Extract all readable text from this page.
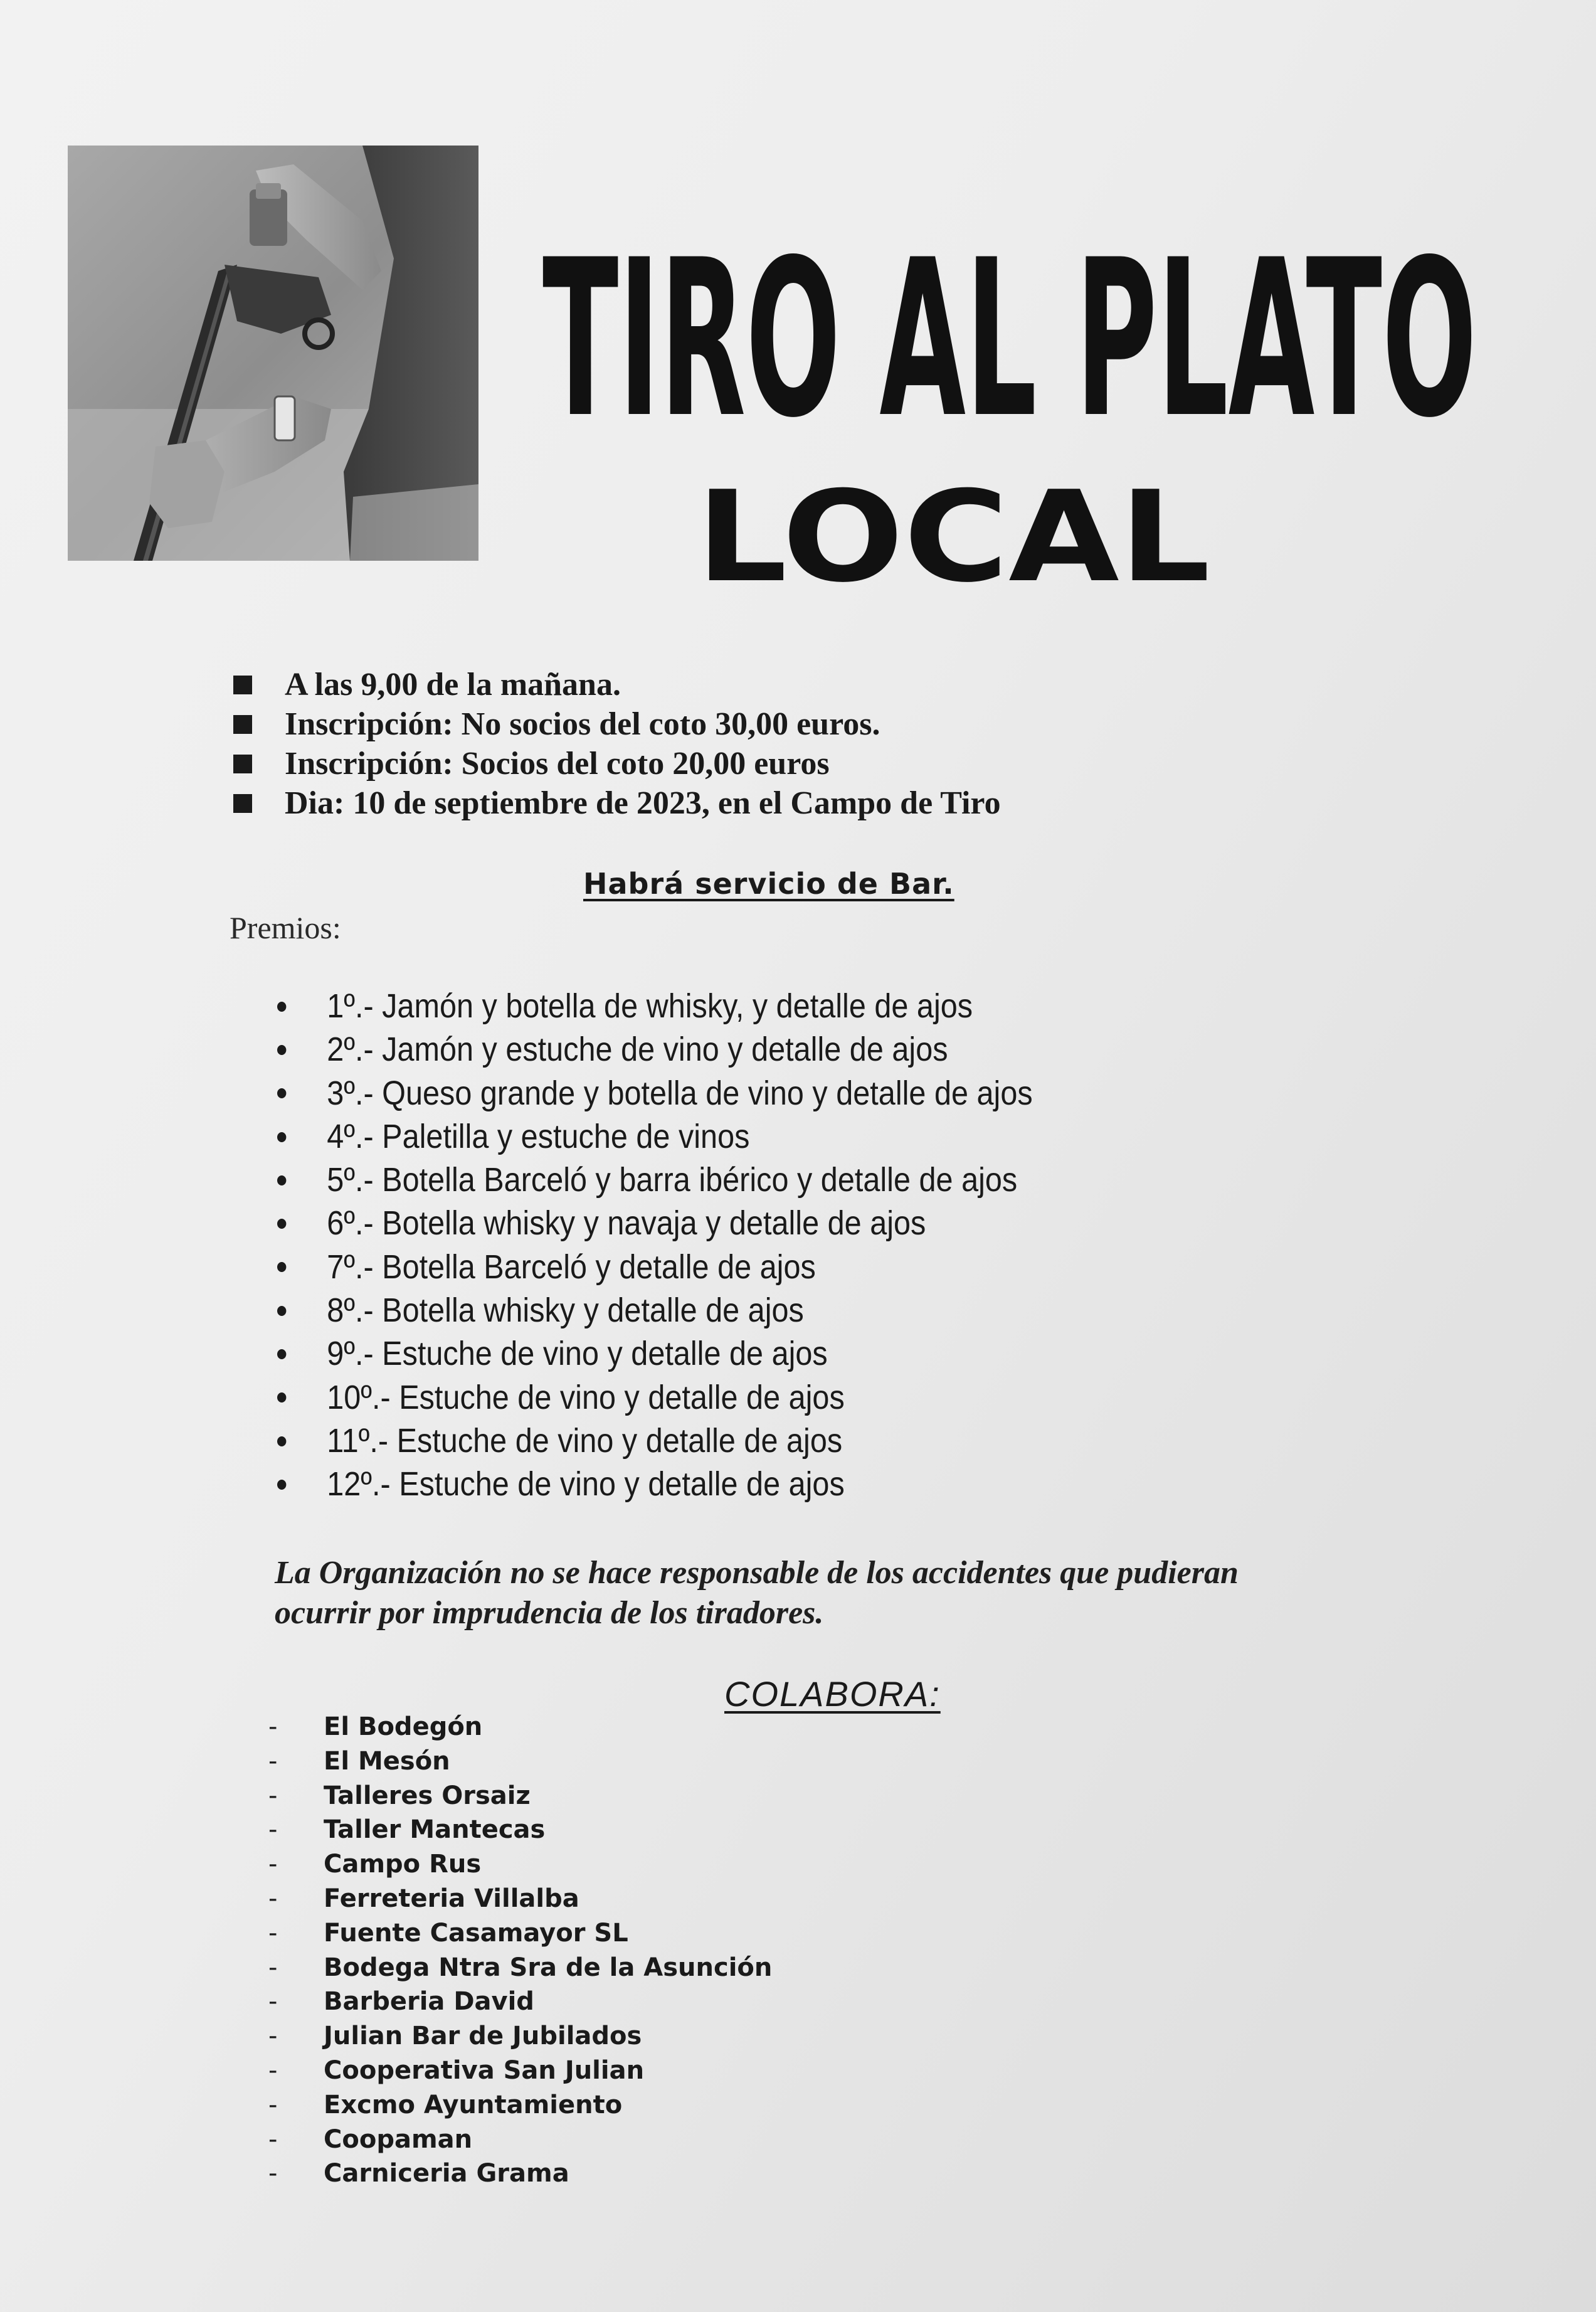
TIRO AL PLATO
LOCAL
A las 9,00 de la mañana.
Inscripción: No socios del coto 30,00 euros.
Inscripción: Socios del coto 20,00 euros
Dia: 10 de septiembre de 2023, en el Campo de Tiro
Habrá servicio de Bar.
Premios:
1º.- Jamón y botella de whisky, y detalle de ajos
2º.- Jamón y estuche de vino y detalle de ajos
3º.- Queso grande y botella de vino y detalle de ajos
4º.- Paletilla y estuche de vinos
5º.- Botella Barceló y barra ibérico y detalle de ajos
6º.- Botella whisky y navaja y detalle de ajos
7º.- Botella Barceló y detalle de ajos
8º.- Botella whisky y detalle de ajos
9º.- Estuche de vino y detalle de ajos
10º.- Estuche de vino y detalle de ajos
11º.- Estuche de vino y detalle de ajos
12º.- Estuche de vino y detalle de ajos
La Organización no se hace responsable de los accidentes que pudieran
ocurrir por imprudencia de los tiradores.
COLABORA:
-	El Bodegón
-	El Mesón
-	Talleres Orsaiz
-	Taller Mantecas
-	Campo Rus
-	Ferreteria Villalba
-	Fuente Casamayor SL
-	Bodega Ntra Sra de la Asunción
-	Barberia David
-	Julian Bar de Jubilados
-	Cooperativa San Julian
-	Excmo Ayuntamiento
-	Coopaman
-	Carniceria Grama
